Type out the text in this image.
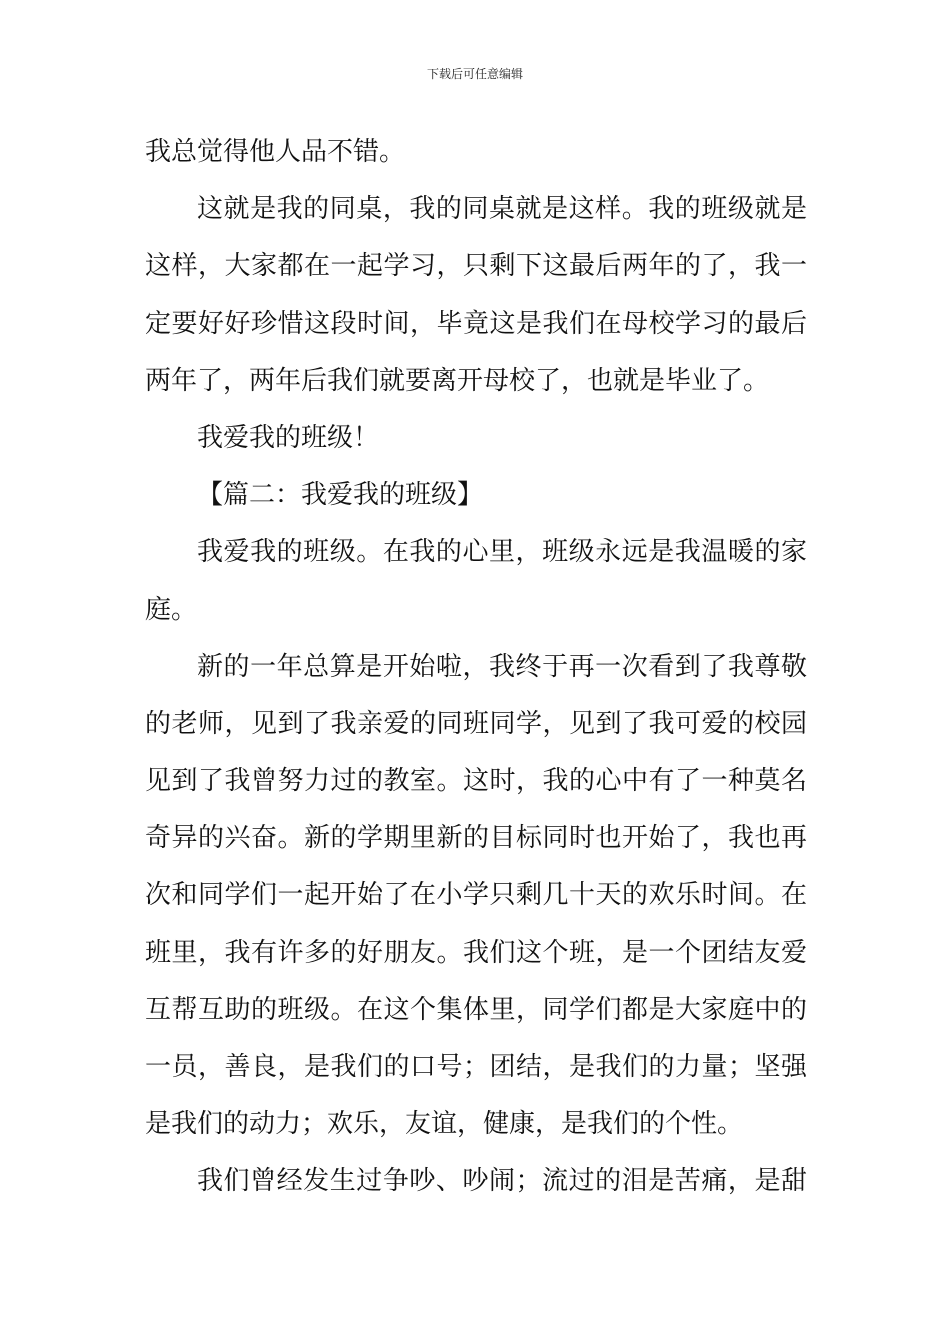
下载后可任意编辑
我总觉得他人品不错。
这就是我的同桌，我的同桌就是这样。我的班级就是
这样，大家都在一起学习，只剩下这最后两年的了，我一
定要好好珍惜这段时间，毕竟这是我们在母校学习的最后
两年了，两年后我们就要离开母校了，也就是毕业了。
我爱我的班级！
【篇二：我爱我的班级】
我爱我的班级。在我的心里，班级永远是我温暖的家
庭。
新的一年总算是开始啦，我终于再一次看到了我尊敬
的老师，见到了我亲爱的同班同学，见到了我可爱的校园
见到了我曾努力过的教室。这时，我的心中有了一种莫名
奇异的兴奋。新的学期里新的目标同时也开始了，我也再
次和同学们一起开始了在小学只剩几十天的欢乐时间。在
班里，我有许多的好朋友。我们这个班，是一个团结友爱
互帮互助的班级。在这个集体里，同学们都是大家庭中的
一员，善良，是我们的口号；团结，是我们的力量；坚强
是我们的动力；欢乐，友谊，健康，是我们的个性。
我们曾经发生过争吵、吵闹；流过的泪是苦痛，是甜
